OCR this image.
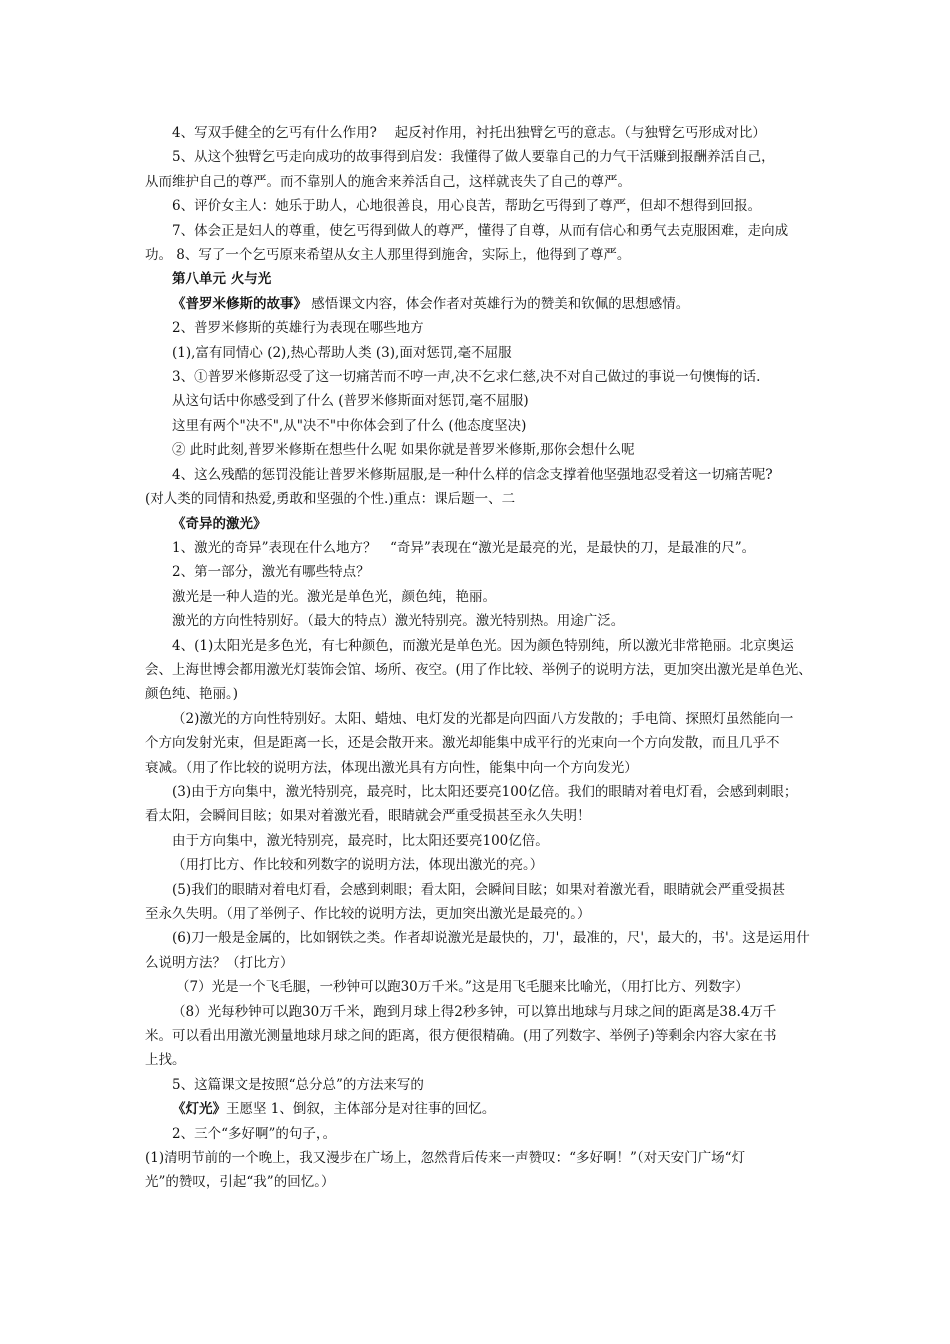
4、写双手健全的乞丐有什么作用?　 起反衬作用，衬托出独臂乞丐的意志。（与独臂乞丐形成对比）
5、从这个独臂乞丐走向成功的故事得到启发：我懂得了做人要靠自己的力气干活赚到报酬养活自己，
从而维护自己的尊严。而不靠别人的施舍来养活自己，这样就丧失了自己的尊严。
6、评价女主人：她乐于助人，心地很善良，用心良苦，帮助乞丐得到了尊严，但却不想得到回报。
7、体会正是妇人的尊重，使乞丐得到做人的尊严，懂得了自尊，从而有信心和勇气去克服困难，走向成
功。 8、写了一个乞丐原来希望从女主人那里得到施舍，实际上，他得到了尊严。
第八单元 火与光
《普罗米修斯的故事》 感悟课文内容，体会作者对英雄行为的赞美和钦佩的思想感情。
2、普罗米修斯的英雄行为表现在哪些地方
(1),富有同情心 (2),热心帮助人类 (3),面对惩罚,毫不屈服
3、①普罗米修斯忍受了这一切痛苦而不哼一声,决不乞求仁慈,决不对自己做过的事说一句懊悔的话.
从这句话中你感受到了什么 (普罗米修斯面对惩罚,毫不屈服)
这里有两个"决不",从"决不"中你体会到了什么 (他态度坚决)
② 此时此刻,普罗米修斯在想些什么呢 如果你就是普罗米修斯,那你会想什么呢
4、这么残酷的惩罚没能让普罗米修斯屈服,是一种什么样的信念支撑着他坚强地忍受着这一切痛苦呢?
(对人类的同情和热爱,勇敢和坚强的个性.)重点：课后题一、二
《奇异的激光》
1、激光的奇异”表现在什么地方？　“奇异”表现在“激光是最亮的光，是最快的刀，是最准的尺”。
2、第一部分，激光有哪些特点？
激光是一种人造的光。激光是单色光，颜色纯，艳丽。
激光的方向性特别好。（最大的特点）激光特别亮。激光特别热。用途广泛。
4、(1)太阳光是多色光，有七种颜色，而激光是单色光。因为颜色特别纯，所以激光非常艳丽。北京奥运
会、上海世博会都用激光灯装饰会馆、场所、夜空。(用了作比较、举例子的说明方法，更加突出激光是单色光、
颜色纯、艳丽。)
（2)激光的方向性特别好。太阳、蜡烛、电灯发的光都是向四面八方发散的；手电筒、探照灯虽然能向一
个方向发射光束，但是距离一长，还是会散开来。激光却能集中成平行的光束向一个方向发散，而且几乎不
衰减。（用了作比较的说明方法，体现出激光具有方向性，能集中向一个方向发光）
(3)由于方向集中，激光特别亮，最亮时，比太阳还要亮100亿倍。我们的眼睛对着电灯看，会感到刺眼；
看太阳，会瞬间目眩；如果对着激光看，眼睛就会严重受损甚至永久失明！
由于方向集中，激光特别亮，最亮时，比太阳还要亮100亿倍。
（用打比方、作比较和列数字的说明方法，体现出激光的亮。）
(5)我们的眼睛对着电灯看，会感到刺眼；看太阳，会瞬间目眩；如果对着激光看，眼睛就会严重受损甚
至永久失明。（用了举例子、作比较的说明方法，更加突出激光是最亮的。）
(6)刀一般是金属的，比如钢铁之类。作者却说激光是最快的，刀'，最准的，尺'，最大的，书'。这是运用什
么说明方法？（打比方）
（7）光是一个飞毛腿，一秒钟可以跑30万千米。”这是用飞毛腿来比喻光，（用打比方、列数字）
（8）光每秒钟可以跑30万千米，跑到月球上得2秒多钟，可以算出地球与月球之间的距离是38.4万千
米。可以看出用激光测量地球月球之间的距离，很方便很精确。(用了列数字、举例子)等剩余内容大家在书
上找。
5、这篇课文是按照“总分总”的方法来写的
《灯光》王愿坚 1、倒叙，主体部分是对往事的回忆。
2、三个“多好啊”的句子，。
(1)清明节前的一个晚上，我又漫步在广场上，忽然背后传来一声赞叹：“多好啊！”（对天安门广场“灯
光”的赞叹，引起“我”的回忆。）
